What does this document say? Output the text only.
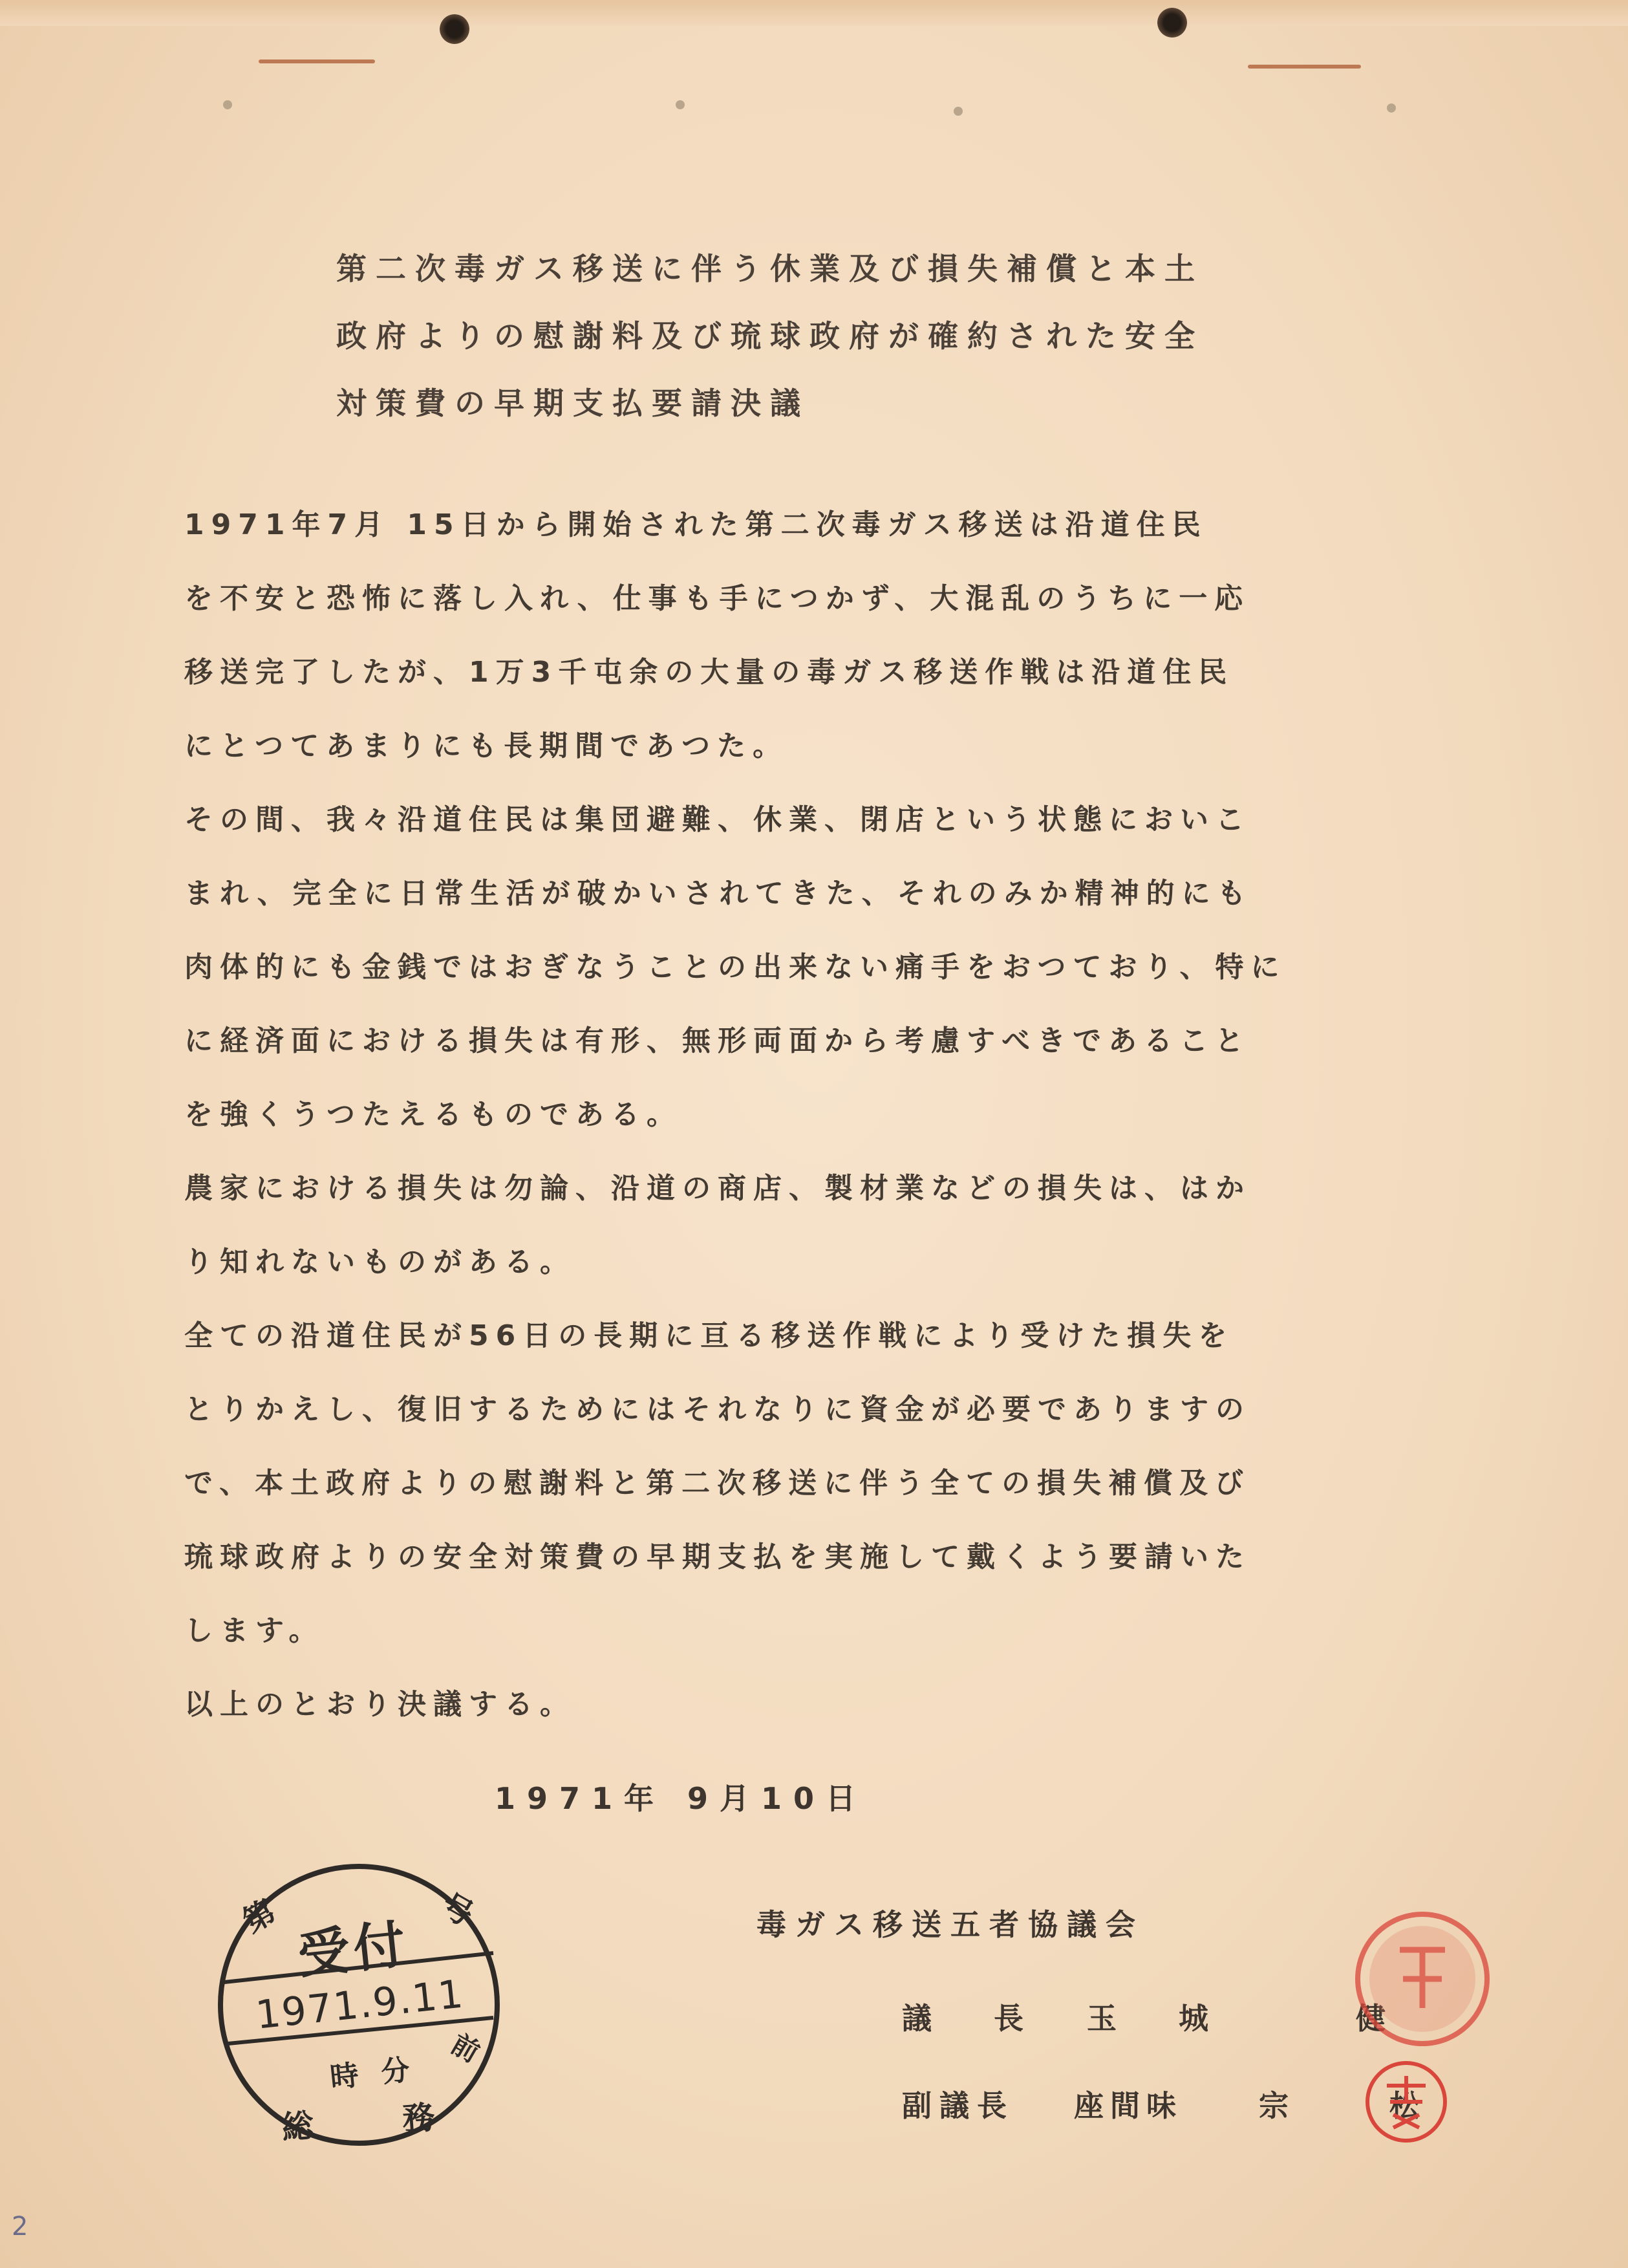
第二次毒ガス移送に伴う休業及び損失補償と本土
政府よりの慰謝料及び琉球政府が確約された安全
対策費の早期支払要請決議
1971年7月 15日から開始された第二次毒ガス移送は沿道住民
を不安と恐怖に落し入れ、仕事も手につかず、大混乱のうちに一応
移送完了したが、1万3千屯余の大量の毒ガス移送作戦は沿道住民
にとつてあまりにも長期間であつた。
その間、我々沿道住民は集団避難、休業、閉店という状態においこ
まれ、完全に日常生活が破かいされてきた、それのみか精神的にも
肉体的にも金銭ではおぎなうことの出来ない痛手をおつており、特に
に経済面における損失は有形、無形両面から考慮すべきであること
を強くうつたえるものである。
農家における損失は勿論、沿道の商店、製材業などの損失は、はか
り知れないものがある。
全ての沿道住民が56日の長期に亘る移送作戦により受けた損失を
とりかえし、復旧するためにはそれなりに資金が必要でありますの
で、本土政府よりの慰謝料と第二次移送に伴う全ての損失補償及び
琉球政府よりの安全対策費の早期支払を実施して戴くよう要請いた
します。
以上のとおり決議する。
1971年 9月10日
毒ガス移送五者協議会
議 長 玉 城	健
副議長 座間味	宗 松
第	号
受付
1971.9.11
時 分
前
総 務
2
